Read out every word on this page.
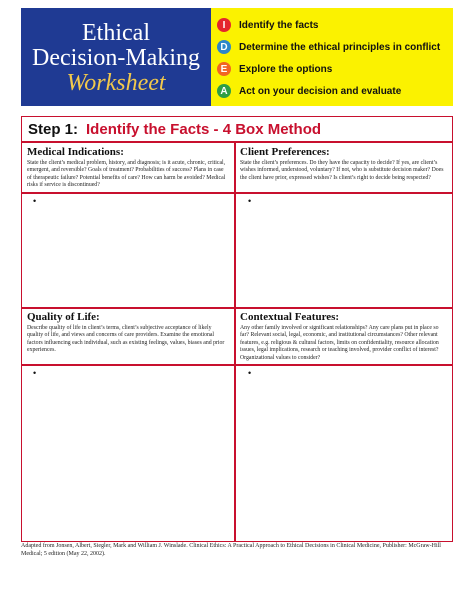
Ethical
Decision-Making
Worksheet
I	Identify the facts
D	Determine the ethical principles in conflict
E	Explore the options
A	Act on your decision and evaluate
Step 1: Identify the Facts - 4 Box Method
Medical Indications:
State the client’s medical problem, history, and diagnosis; is it acute, chronic, critical, emergent, and reversible? Goals of treatment? Probabilities of success? Plans in case of therapeutic failure? Potential benefits of care? How can harm be avoided? Medical risks if service is discontinued?
•
Client Preferences:
State the client’s preferences. Do they have the capacity to decide? If yes, are client’s wishes informed, understood, voluntary? If not, who is substitute decision maker? Does the client have prior, expressed wishes? Is client’s right to decide being respected?
•
Quality of Life:
Describe quality of life in client’s terms, client’s subjective acceptance of likely quality of life, and views and concerns of care providers. Examine the emotional factors influencing each individual, such as existing feelings, values, biases and prior experiences.
•
Contextual Features:
Any other family involved or significant relationships? Any care plans put in place so far? Relevant social, legal, economic, and institutional circumstances? Other relevant features, e.g. religious & cultural factors, limits on confidentiality, resource allocation issues, legal implications, research or teaching involved, provider conflict of interest? Organizational values to consider?
•
Adapted from Jonsen, Albert, Siegler, Mark and William J. Winslade. Clinical Ethics: A Practical Approach to Ethical Decisions in Clinical Medicine, Publisher: McGraw-Hill Medical; 5 edition (May 22, 2002).
